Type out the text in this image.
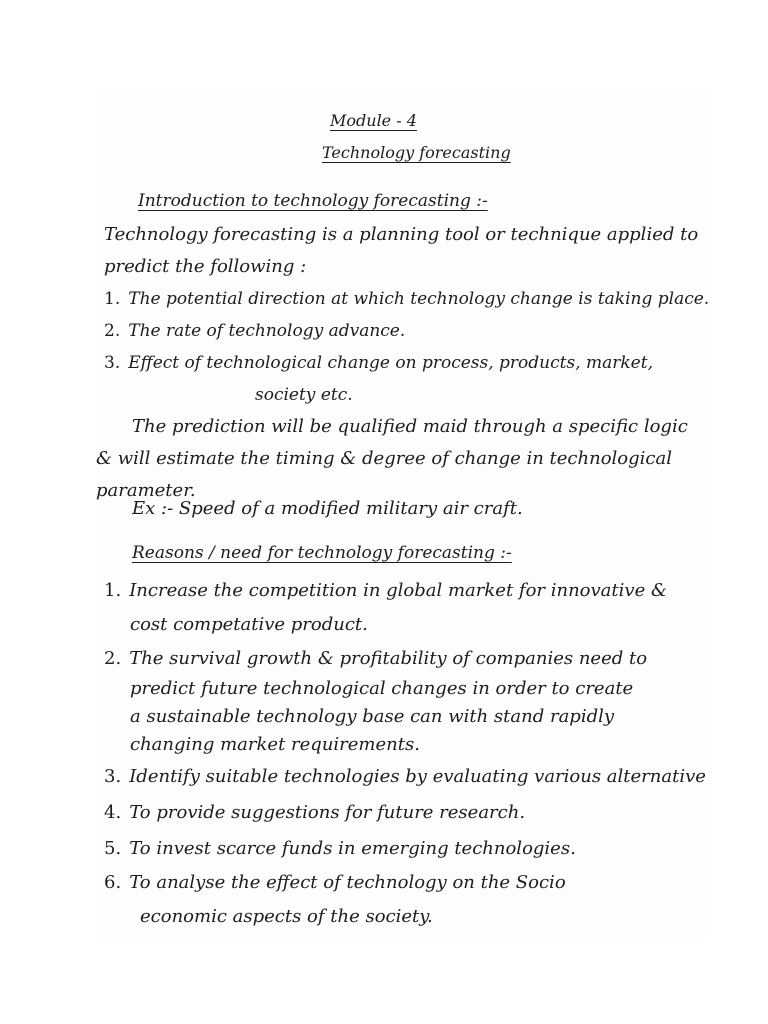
Module - 4
Technology forecasting
Introduction to technology forecasting :-
Technology forecasting is a planning tool or technique applied to
predict the following :
1. The potential direction at which technology change is taking place.
2. The rate of technology advance.
3. Effect of technological change on process, products, market,
society etc.
The prediction will be qualified maid through a specific logic
& will estimate the timing & degree of change in technological
parameter.
Ex :- Speed of a modified military air craft.
Reasons / need for technology forecasting :-
1. Increase the competition in global market for innovative &
cost competative product.
2. The survival growth & profitability of companies need to
predict future technological changes in order to create
a sustainable technology base can with stand rapidly
changing market requirements.
3. Identify suitable technologies by evaluating various alternative
4. To provide suggestions for future research.
5. To invest scarce funds in emerging technologies.
6. To analyse the effect of technology on the Socio
economic aspects of the society.
